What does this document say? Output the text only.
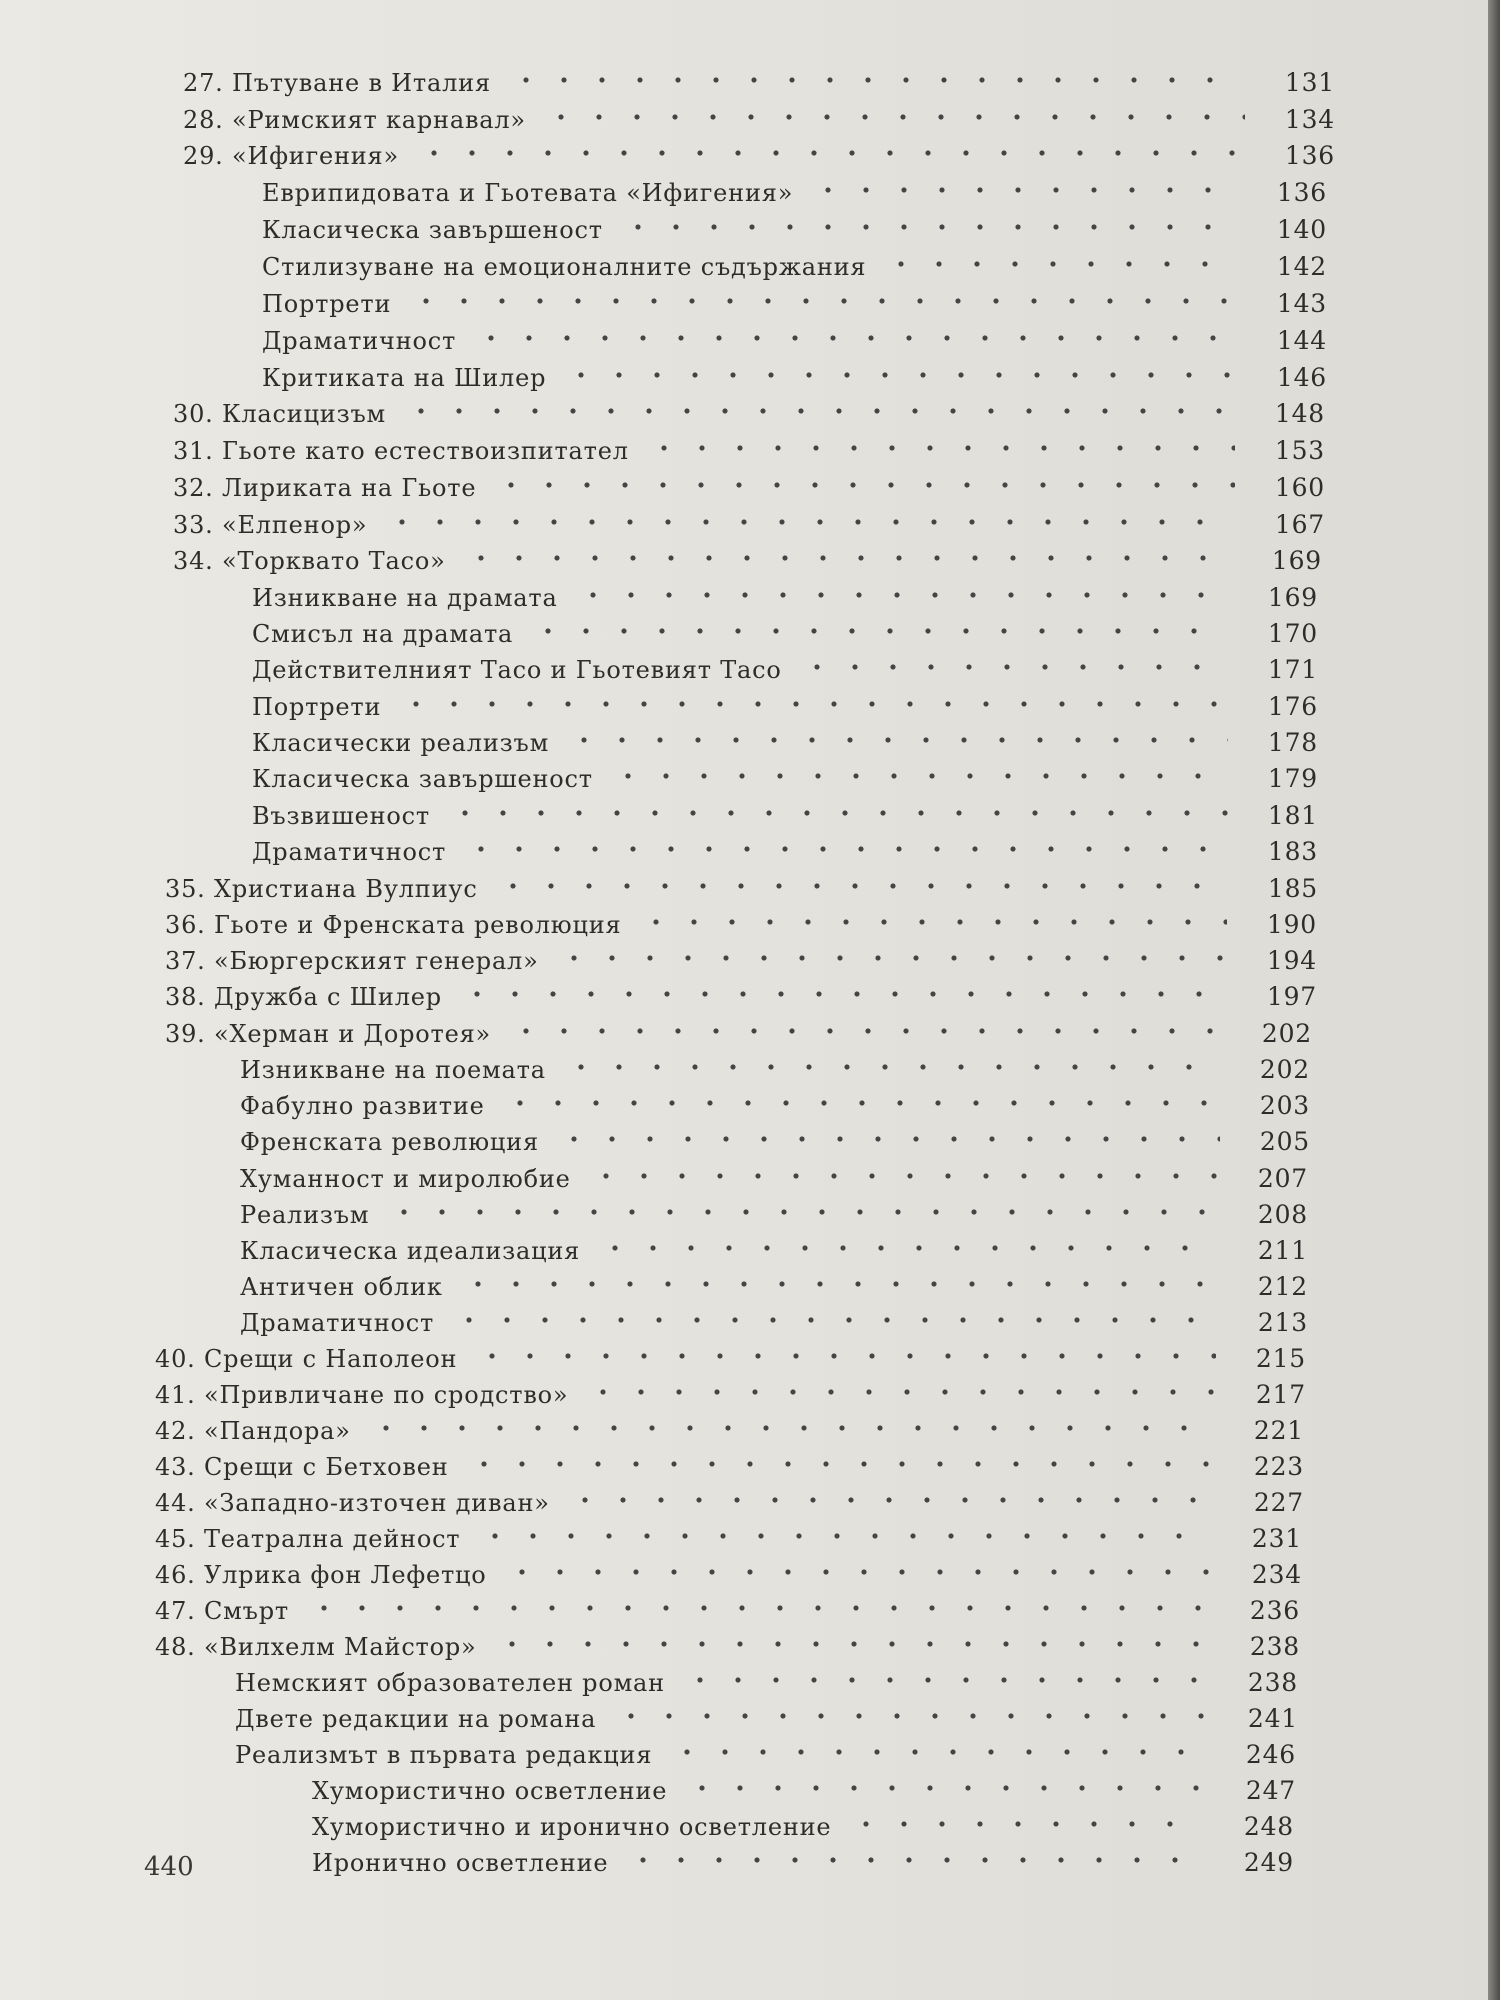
27. Пътуване в Италия	131
28. «Римският карнавал»	134
29. «Ифигения»	136
Еврипидовата и Гьотевата «Ифигения»	136
Класическа завършеност	140
Стилизуване на емоционалните съдържания	142
Портрети	143
Драматичност	144
Критиката на Шилер	146
30. Класицизъм	148
31. Гьоте като естествоизпитател	153
32. Лириката на Гьоте	160
33. «Елпенор»	167
34. «Торквато Тасо»	169
Изникване на драмата	169
Смисъл на драмата	170
Действителният Тасо и Гьотевият Тасо	171
Портрети	176
Класически реализъм	178
Класическа завършеност	179
Възвишеност	181
Драматичност	183
35. Христиана Вулпиус	185
36. Гьоте и Френската революция	190
37. «Бюргерският генерал»	194
38. Дружба с Шилер	197
39. «Херман и Доротея»	202
Изникване на поемата	202
Фабулно развитие	203
Френската революция	205
Хуманност и миролюбие	207
Реализъм	208
Класическа идеализация	211
Античен облик	212
Драматичност	213
40. Срещи с Наполеон	215
41. «Привличане по сродство»	217
42. «Пандора»	221
43. Срещи с Бетховен	223
44. «Западно-източен диван»	227
45. Театрална дейност	231
46. Улрика фон Лефетцо	234
47. Смърт	236
48. «Вилхелм Майстор»	238
Немският образователен роман	238
Двете редакции на романа	241
Реализмът в първата редакция	246
Хумористично осветление	247
Хумористично и иронично осветление	248
Иронично осветление	249
440
